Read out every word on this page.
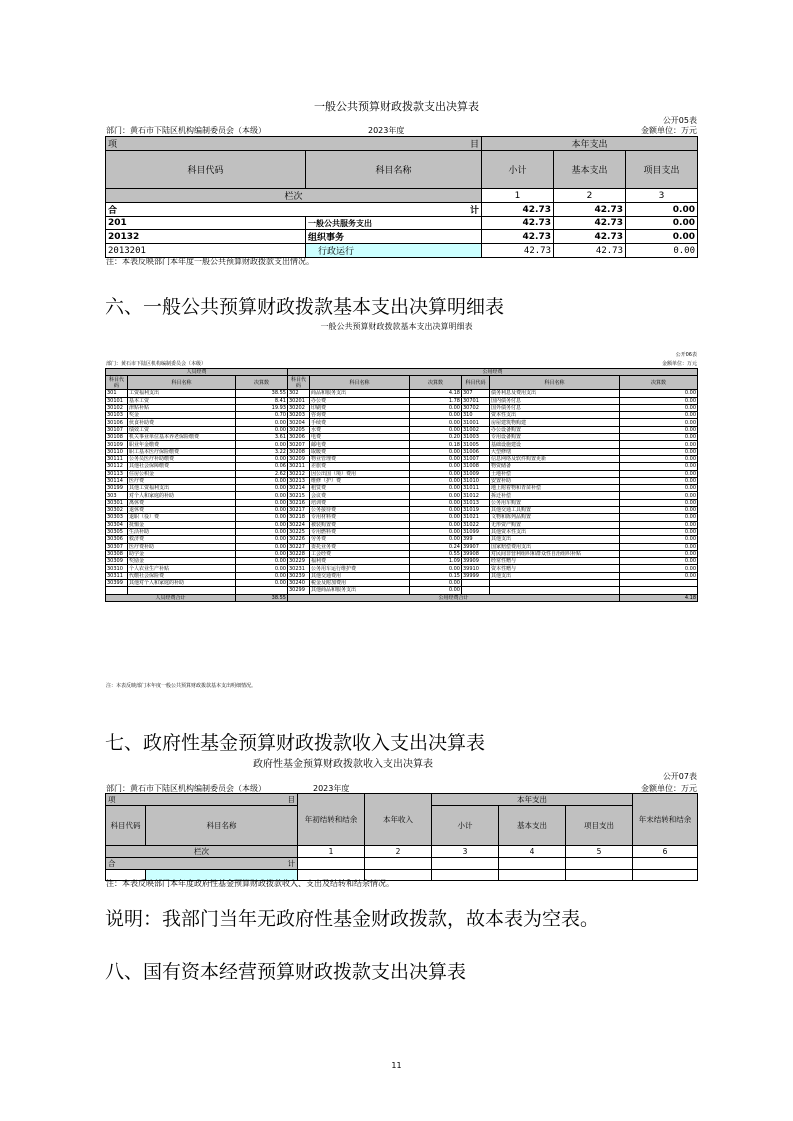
一般公共预算财政拨款支出决算表
公开05表
部门：黄石市下陆区机构编制委员会（本级）	2023年度	金额单位：万元
项 目		本年支出		
科目代码	科目名称	小计	基本支出	项目支出
栏次		1	2	3
合 计		42.73	42.73	0.00
201	一般公共服务支出	42.73	42.73	0.00
20132	组织事务	42.73	42.73	0.00
2013201	行政运行	42.73	42.73	0.00
注：本表反映部门本年度一般公共预算财政拨款支出情况。
六、一般公共预算财政拨款基本支出决算明细表
一般公共预算财政拨款基本支出决算明细表
公开06表
部门：黄石市下陆区机构编制委员会（本级）	金额单位：万元
人员经费			公用经费					
科目代码	科目名称	决算数	科目代码	科目名称	决算数	科目代码	科目名称	决算数
301	工资福利支出	38.55	302	商品和服务支出	4.18	307	债务利息及费用支出	0.00
30101	基本工资	8.41	30201	办公费	1.78	30701	国内债务付息	0.00
30102	津贴补贴	19.93	30202	印刷费	0.00	30702	国外债务付息	0.00
30103	奖金	0.70	30203	咨询费	0.00	310	资本性支出	0.00
30106	伙食补助费	0.00	30204	手续费	0.00	31001	房屋建筑物购建	0.00
30107	绩效工资	0.00	30205	水费	0.00	31002	办公设备购置	0.00
30108	机关事业单位基本养老保险缴费	3.61	30206	电费	0.20	31003	专用设备购置	0.00
30109	职业年金缴费	0.00	30207	邮电费	0.18	31005	基础设施建设	0.00
30110	职工基本医疗保险缴费	3.22	30208	取暖费	0.00	31006	大型修缮	0.00
30111	公务员医疗补助缴费	0.00	30209	物业管理费	0.00	31007	信息网络及软件购置更新	0.00
30112	其他社会保障缴费	0.06	30211	差旅费	0.00	31008	物资储备	0.00
30113	住房公积金	2.62	30212	因公出国（境）费用	0.00	31009	土地补偿	0.00
30114	医疗费	0.00	30213	维修（护）费	0.00	31010	安置补助	0.00
30199	其他工资福利支出	0.00	30214	租赁费	0.00	31011	地上附着物和青苗补偿	0.00
303	对个人和家庭的补助	0.00	30215	会议费	0.00	31012	拆迁补偿	0.00
30301	离休费	0.00	30216	培训费	0.00	31013	公务用车购置	0.00
30302	退休费	0.00	30217	公务接待费	0.00	31019	其他交通工具购置	0.00
30303	退职（役）费	0.00	30218	专用材料费	0.00	31021	文物和陈列品购置	0.00
30304	抚恤金	0.00	30224	被装购置费	0.00	31022	无形资产购置	0.00
30305	生活补助	0.00	30225	专用燃料费	0.00	31099	其他资本性支出	0.00
30306	救济费	0.00	30226	劳务费	0.00	399	其他支出	0.00
30307	医疗费补助	0.00	30227	委托业务费	0.24	39907	国家赔偿费用支出	0.00
30308	助学金	0.00	30228	工会经费	0.55	39908	对民间非营利组织和群众性自治组织补贴	0.00
30309	奖励金	0.00	30229	福利费	1.09	39909	经常性赠与	0.00
30310	个人农业生产补贴	0.00	30231	公务用车运行维护费	0.00	39910	资本性赠与	0.00
30311	代缴社会保险费	0.00	30239	其他交通费用	0.15	39999	其他支出	0.00
30399	其他对个人和家庭的补助	0.00	30240	税金及附加费用	0.00			
			30299	其他商品和服务支出	0.00			
人员经费合计		38.55	公用经费合计					4.18
注：本表反映部门本年度一般公共预算财政拨款基本支出明细情况。
七、政府性基金预算财政拨款收入支出决算表
政府性基金预算财政拨款收入支出决算表
公开07表
部门：黄石市下陆区机构编制委员会（本级）	2023年度	金额单位：万元
项 目		年初结转和结余	本年收入	本年支出			年末结转和结余
科目代码	科目名称			小计	基本支出	项目支出	
栏次		1	2	3	4	5	6
合 计							

注：本表反映部门本年度政府性基金预算财政拨款收入、支出及结转和结余情况。
说明：我部门当年无政府性基金财政拨款，故本表为空表。
八、国有资本经营预算财政拨款支出决算表
11
